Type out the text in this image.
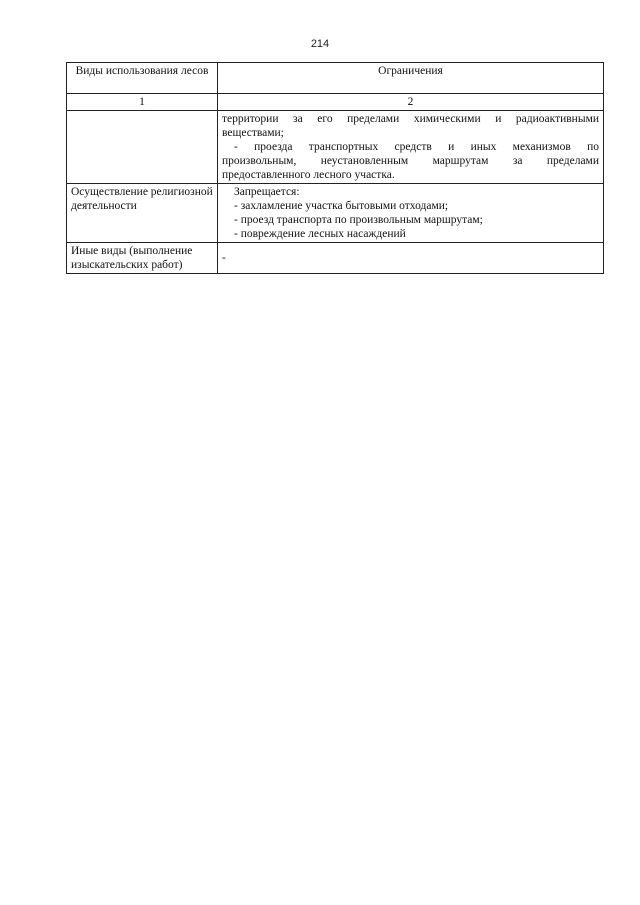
214
Виды использования лесов	Ограничения
1	2

	территории за его пределами химическими и радиоактивными
веществами;
- проезда транспортных средств и иных механизмов по
произвольным, неустановленным маршрутам за пределами
предоставленного лесного участка.

Осуществление религиозной деятельности	Запрещается:
- захламление участка бытовыми отходами;
- проезд транспорта по произвольным маршрутам;
- повреждение лесных насаждений

Иные виды (выполнение изыскательских работ)	-
